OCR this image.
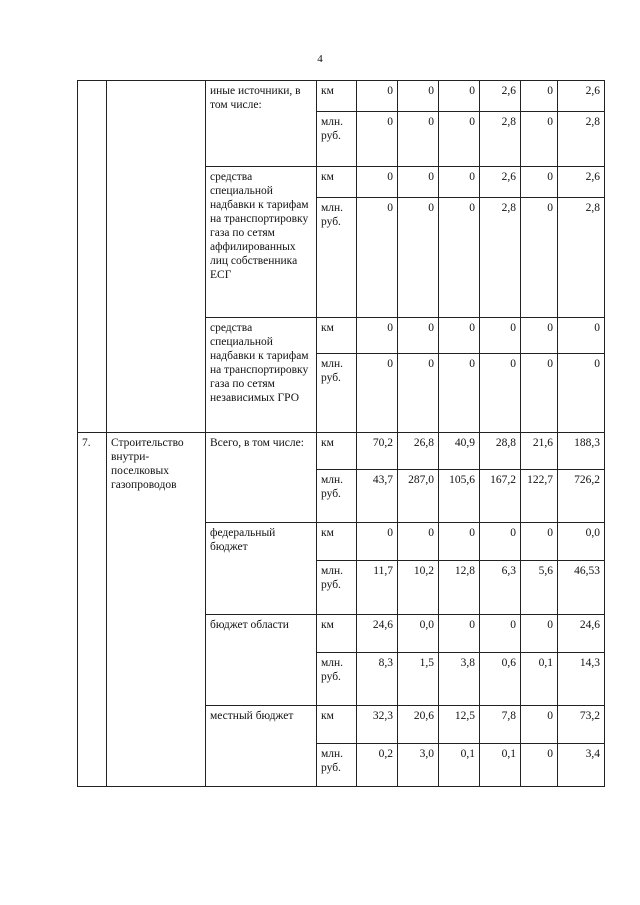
4
		иные источники, в том числе:	км	0	0	0	2,6	0	2,6
			млн. руб.	0	0	0	2,8	0	2,8
		средства специальной надбавки к тарифам на транспортировку газа по сетям аффилированных лиц собственника ЕСГ	км	0	0	0	2,6	0	2,6
			млн. руб.	0	0	0	2,8	0	2,8
		средства специальной надбавки к тарифам на транспортировку газа по сетям независимых ГРО	км	0	0	0	0	0	0
			млн. руб.	0	0	0	0	0	0
7.	Строительство внутри-поселковых газопроводов	Всего, в том числе:	км	70,2	26,8	40,9	28,8	21,6	188,3
			млн. руб.	43,7	287,0	105,6	167,2	122,7	726,2
		федеральный бюджет	км	0	0	0	0	0	0,0
			млн. руб.	11,7	10,2	12,8	6,3	5,6	46,53
		бюджет области	км	24,6	0,0	0	0	0	24,6
			млн. руб.	8,3	1,5	3,8	0,6	0,1	14,3
		местный бюджет	км	32,3	20,6	12,5	7,8	0	73,2
			млн. руб.	0,2	3,0	0,1	0,1	0	3,4
